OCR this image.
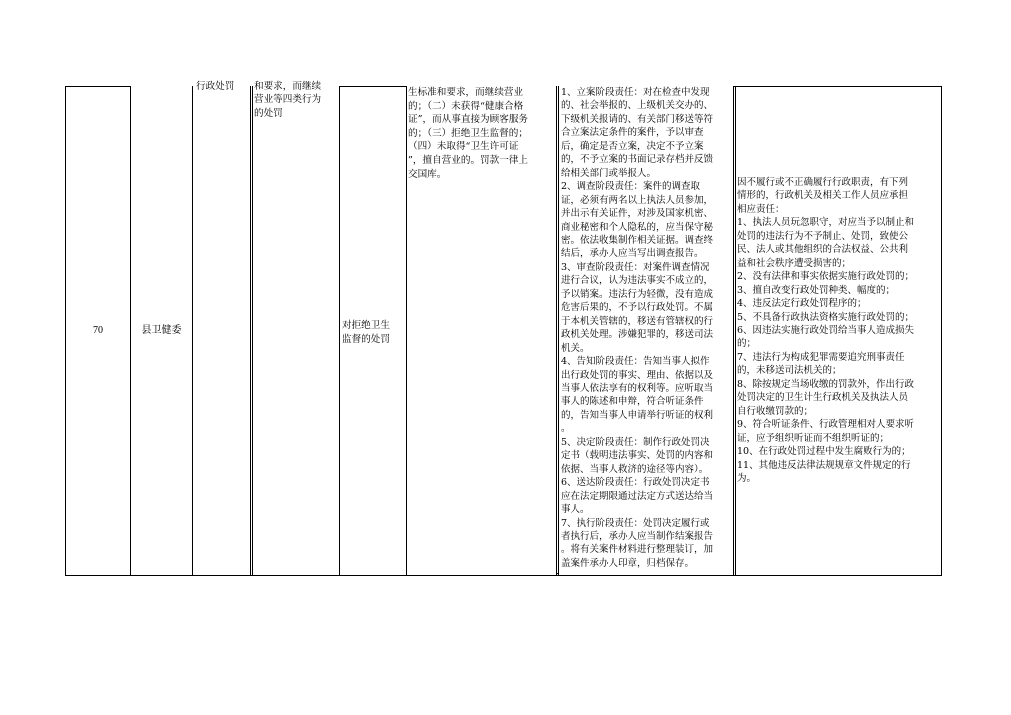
70	县卫健委
行政处罚	和要求，而继续
营业等四类行为
的处罚
对拒绝卫生
监督的处罚
生标准和要求，而继续营业
的；（二）未获得“健康合格
证”，而从事直接为顾客服务
的；（三）拒绝卫生监督的；
（四）未取得“卫生许可证
”，擅自营业的。罚款一律上
交国库。
1、立案阶段责任：对在检查中发现
的、社会举报的、上级机关交办的、
下级机关报请的、有关部门移送等符
合立案法定条件的案件，予以审查
后，确定是否立案，决定不予立案
的，不予立案的书面记录存档并反馈
给相关部门或举报人。
2、调查阶段责任：案件的调查取
证，必须有两名以上执法人员参加，
并出示有关证件，对涉及国家机密、
商业秘密和个人隐私的，应当保守秘
密。依法收集制作相关证据。调查终
结后，承办人应当写出调查报告。
3、审查阶段责任：对案件调查情况
进行合议，认为违法事实不成立的，
予以销案。违法行为轻微，没有造成
危害后果的，不予以行政处罚。不属
于本机关管辖的，移送有管辖权的行
政机关处理。涉嫌犯罪的，移送司法
机关。
4、告知阶段责任：告知当事人拟作
出行政处罚的事实、理由、依据以及
当事人依法享有的权利等。应听取当
事人的陈述和申辩，符合听证条件
的，告知当事人申请举行听证的权利
。
5、决定阶段责任：制作行政处罚决
定书（载明违法事实、处罚的内容和
依据、当事人救济的途径等内容）。
6、送达阶段责任：行政处罚决定书
应在法定期限通过法定方式送达给当
事人。
7、执行阶段责任：处罚决定履行或
者执行后，承办人应当制作结案报告
。将有关案件材料进行整理装订，加
盖案件承办人印章，归档保存。
因不履行或不正确履行行政职责，有下列
情形的，行政机关及相关工作人员应承担
相应责任：
1、执法人员玩忽职守，对应当予以制止和
处罚的违法行为不予制止、处罚，致使公
民、法人或其他组织的合法权益、公共利
益和社会秩序遭受损害的；
2、没有法律和事实依据实施行政处罚的；
3、擅自改变行政处罚种类、幅度的；
4、违反法定行政处罚程序的；
5、不具备行政执法资格实施行政处罚的；
6、因违法实施行政处罚给当事人造成损失
的；
7、违法行为构成犯罪需要追究刑事责任
的，未移送司法机关的；
8、除按规定当场收缴的罚款外，作出行政
处罚决定的卫生计生行政机关及执法人员
自行收缴罚款的；
9、符合听证条件、行政管理相对人要求听
证，应予组织听证而不组织听证的；
10、在行政处罚过程中发生腐败行为的；
11、其他违反法律法规规章文件规定的行
为。
